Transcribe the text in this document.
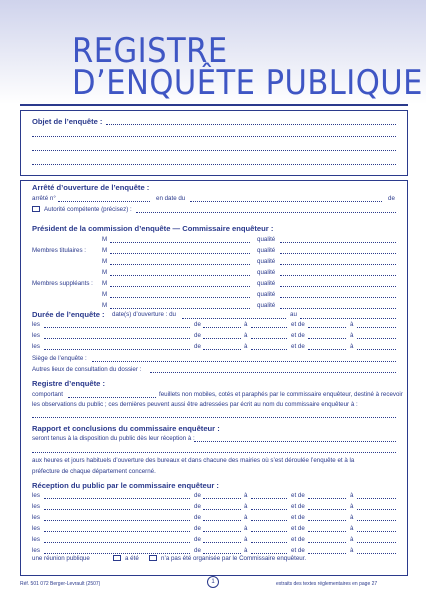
REGISTRE
D’ENQUÊTE PUBLIQUE
Objet de l’enquête :
Arrêté d’ouverture de l’enquête :
arrêté n°	en date du	de
Autorité compétente (précisez) :
Président de la commission d’enquête — Commissaire enquêteur :
M	qualité
Membres titulaires :	M	qualité
M	qualité
M	qualité
Membres suppléants : M	qualité
M	qualité
M	qualité
Durée de l’enquête : date(s) d’ouverture : du	au
les	de	à	et de	à
les	de	à	et de	à
les	de	à	et de	à
Siège de l’enquête :
Autres lieux de consultation du dossier :
Registre d’enquête :
comportant	feuillets non mobiles, cotés et paraphés par le commissaire enquêteur, destiné à recevoir
les observations du public ; ces dernières peuvent aussi être adressées par écrit au nom du commissaire enquêteur à :
Rapport et conclusions du commissaire enquêteur :
seront tenus à la disposition du public dès leur réception à :
aux heures et jours habituels d’ouverture des bureaux et dans chacune des mairies où s’est déroulée l’enquête et à la
préfecture de chaque département concerné.
Réception du public par le commissaire enquêteur :
les	de	à	et de	à
les	de	à	et de	à
les	de	à	et de	à
les	de	à	et de	à
les	de	à	et de	à
les	de	à	et de	à
une réunion publique	a été	n’a pas été organisée par le Commissaire enquêteur.
Réf. 501 072 Berger-Levrault (2507)	1	extraits des textes réglementaires en page 27
